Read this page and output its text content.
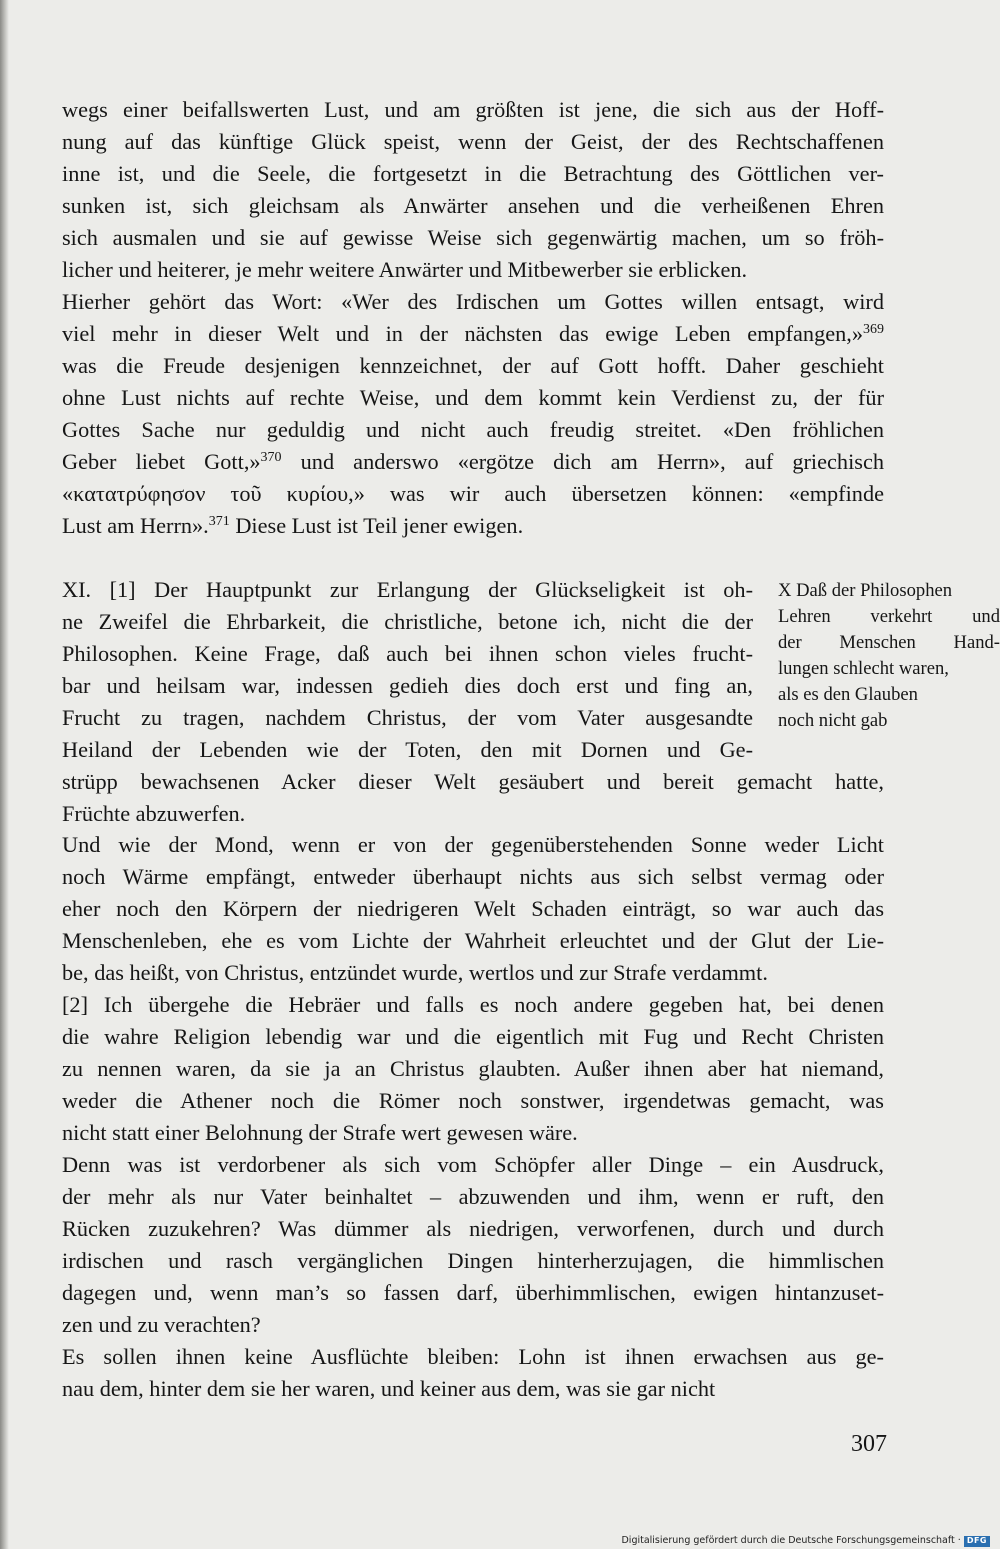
wegs einer beifallswerten Lust, und am größten ist jene, die sich aus der Hoff-
nung auf das künftige Glück speist, wenn der Geist, der des Rechtschaffenen
inne ist, und die Seele, die fortgesetzt in die Betrachtung des Göttlichen ver-
sunken ist, sich gleichsam als Anwärter ansehen und die verheißenen Ehren
sich ausmalen und sie auf gewisse Weise sich gegenwärtig machen, um so fröh-
licher und heiterer, je mehr weitere Anwärter und Mitbewerber sie erblicken.
Hierher gehört das Wort: «Wer des Irdischen um Gottes willen entsagt, wird
viel mehr in dieser Welt und in der nächsten das ewige Leben empfangen,»$^{369}$
was die Freude desjenigen kennzeichnet, der auf Gott hofft. Daher geschieht
ohne Lust nichts auf rechte Weise, und dem kommt kein Verdienst zu, der für
Gottes Sache nur geduldig und nicht auch freudig streitet. «Den fröhlichen
Geber liebet Gott,»$^{370}$ und anderswo «ergötze dich am Herrn», auf griechisch
«κατατρύφησον τοῦ κυρίου,» was wir auch übersetzen können: «empfinde
Lust am Herrn».$^{371}$ Diese Lust ist Teil jener ewigen.
XI. [1] Der Hauptpunkt zur Erlangung der Glückseligkeit ist oh-
ne Zweifel die Ehrbarkeit, die christliche, betone ich, nicht die der
Philosophen. Keine Frage, daß auch bei ihnen schon vieles frucht-
bar und heilsam war, indessen gedieh dies doch erst und fing an,
Frucht zu tragen, nachdem Christus, der vom Vater ausgesandte
Heiland der Lebenden wie der Toten, den mit Dornen und Ge-
strüpp bewachsenen Acker dieser Welt gesäubert und bereit gemacht hatte,
Früchte abzuwerfen.
Und wie der Mond, wenn er von der gegenüberstehenden Sonne weder Licht
noch Wärme empfängt, entweder überhaupt nichts aus sich selbst vermag oder
eher noch den Körpern der niedrigeren Welt Schaden einträgt, so war auch das
Menschenleben, ehe es vom Lichte der Wahrheit erleuchtet und der Glut der Lie-
be, das heißt, von Christus, entzündet wurde, wertlos und zur Strafe verdammt.
[2] Ich übergehe die Hebräer und falls es noch andere gegeben hat, bei denen
die wahre Religion lebendig war und die eigentlich mit Fug und Recht Christen
zu nennen waren, da sie ja an Christus glaubten. Außer ihnen aber hat niemand,
weder die Athener noch die Römer noch sonstwer, irgendetwas gemacht, was
nicht statt einer Belohnung der Strafe wert gewesen wäre.
Denn was ist verdorbener als sich vom Schöpfer aller Dinge – ein Ausdruck,
der mehr als nur Vater beinhaltet – abzuwenden und ihm, wenn er ruft, den
Rücken zuzukehren? Was dümmer als niedrigen, verworfenen, durch und durch
irdischen und rasch vergänglichen Dingen hinterherzujagen, die himmlischen
dagegen und, wenn man’s so fassen darf, überhimmlischen, ewigen hintanzuset-
zen und zu verachten?
Es sollen ihnen keine Ausflüchte bleiben: Lohn ist ihnen erwachsen aus ge-
nau dem, hinter dem sie her waren, und keiner aus dem, was sie gar nicht
X Daß der Philosophen
Lehren verkehrt und
der Menschen Hand-
lungen schlecht waren,
als es den Glauben
noch nicht gab
307
Digitalisierung gefördert durch die Deutsche Forschungsgemeinschaft · DFG
